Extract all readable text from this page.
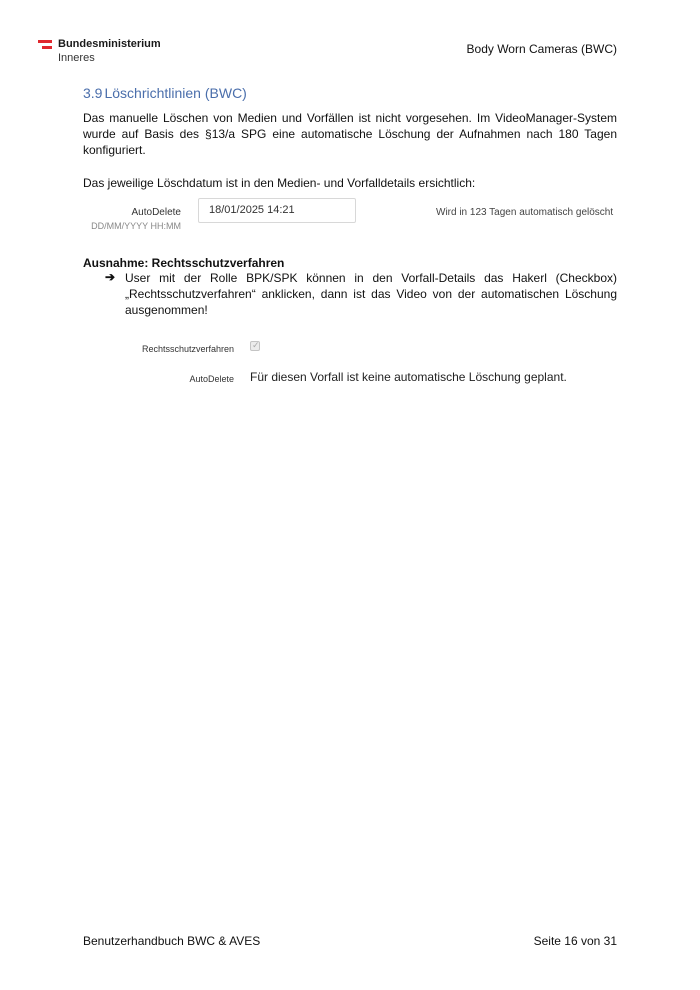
Bundesministerium
Inneres
Body Worn Cameras (BWC)
3.9 Löschrichtlinien (BWC)
Das manuelle Löschen von Medien und Vorfällen ist nicht vorgesehen. Im VideoManager-System wurde auf Basis des §13/a SPG eine automatische Löschung der Aufnahmen nach 180 Tagen konfiguriert.
Das jeweilige Löschdatum ist in den Medien- und Vorfalldetails ersichtlich:
AutoDelete
DD/MM/YYYY HH:MM
18/01/2025 14:21	Wird in 123 Tagen automatisch gelöscht
Ausnahme: Rechtsschutzverfahren
➔ User mit der Rolle BPK/SPK können in den Vorfall-Details das Hakerl (Checkbox) „Rechtsschutzverfahren“ anklicken, dann ist das Video von der automatischen Löschung ausgenommen!
Rechtsschutzverfahren ✓
AutoDelete Für diesen Vorfall ist keine automatische Löschung geplant.
Benutzerhandbuch BWC & AVES	Seite 16 von 31
